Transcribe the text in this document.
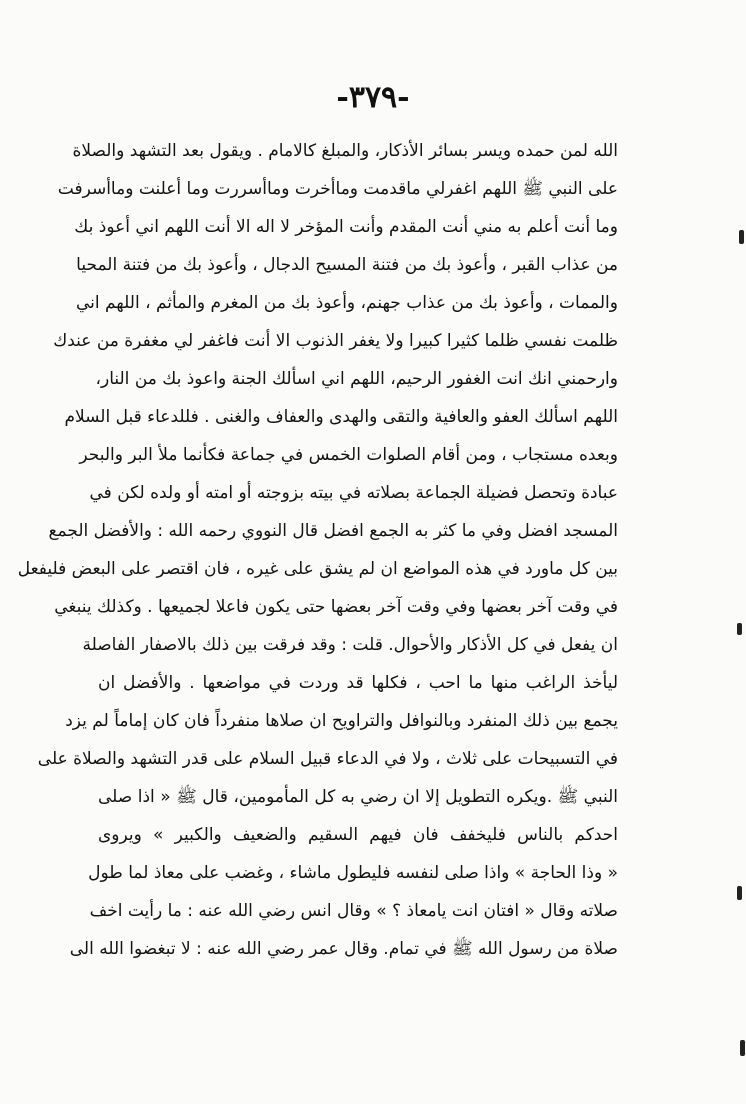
-٣٧٩-
الله لمن حمده ويسر بسائر الأذكار، والمبلغ كالامام . ويقول بعد التشهد والصلاة
على النبي ﷺ اللهم اغفرلي ماقدمت وماأخرت وماأسررت وما أعلنت وماأسرفت
وما أنت أعلم به مني أنت المقدم وأنت المؤخر لا اله الا أنت اللهم اني أعوذ بك
من عذاب القبر ، وأعوذ بك من فتنة المسيح الدجال ، وأعوذ بك من فتنة المحيا
والممات ، وأعوذ بك من عذاب جهنم، وأعوذ بك من المغرم والمأثم ، اللهم اني
ظلمت نفسي ظلما كثيرا كبيرا ولا يغفر الذنوب الا أنت فاغفر لي مغفرة من عندك
وارحمني انك انت الغفور الرحيم، اللهم اني اسألك الجنة واعوذ بك من النار،
اللهم اسألك العفو والعافية والتقى والهدى والعفاف والغنى . فللدعاء قبل السلام
وبعده مستجاب ، ومن أقام الصلوات الخمس في جماعة فكأنما ملأ البر والبحر
عبادة وتحصل فضيلة الجماعة بصلاته في بيته بزوجته أو امته أو ولده لكن في
المسجد افضل وفي ما كثر به الجمع افضل قال النووي رحمه الله : والأفضل الجمع
بين كل ماورد في هذه المواضع ان لم يشق على غيره ، فان اقتصر على البعض فليفعل
في وقت آخر بعضها وفي وقت آخر بعضها حتى يكون فاعلا لجميعها . وكذلك ينبغي
ان يفعل في كل الأذكار والأحوال. قلت : وقد فرقت بين ذلك بالاصفار الفاصلة
ليأخذ الراغب منها ما احب ، فكلها قد وردت في مواضعها . والأفضل ان
يجمع بين ذلك المنفرد وبالنوافل والتراويح ان صلاها منفرداً فان كان إماماً لم يزد
في التسبيحات على ثلاث ، ولا في الدعاء قبيل السلام على قدر التشهد والصلاة على
النبي ﷺ .ويكره التطويل إلا ان رضي به كل المأمومين، قال ﷺ « اذا صلى
احدكم بالناس فليخفف فان فيهم السقيم والضعيف والكبير » ويروى
« وذا الحاجة » واذا صلى لنفسه فليطول ماشاء ، وغضب على معاذ لما طول
صلاته وقال « افتان انت يامعاذ ؟ » وقال انس رضي الله عنه : ما رأيت اخف
صلاة من رسول الله ﷺ في تمام. وقال عمر رضي الله عنه : لا تبغضوا الله الى
